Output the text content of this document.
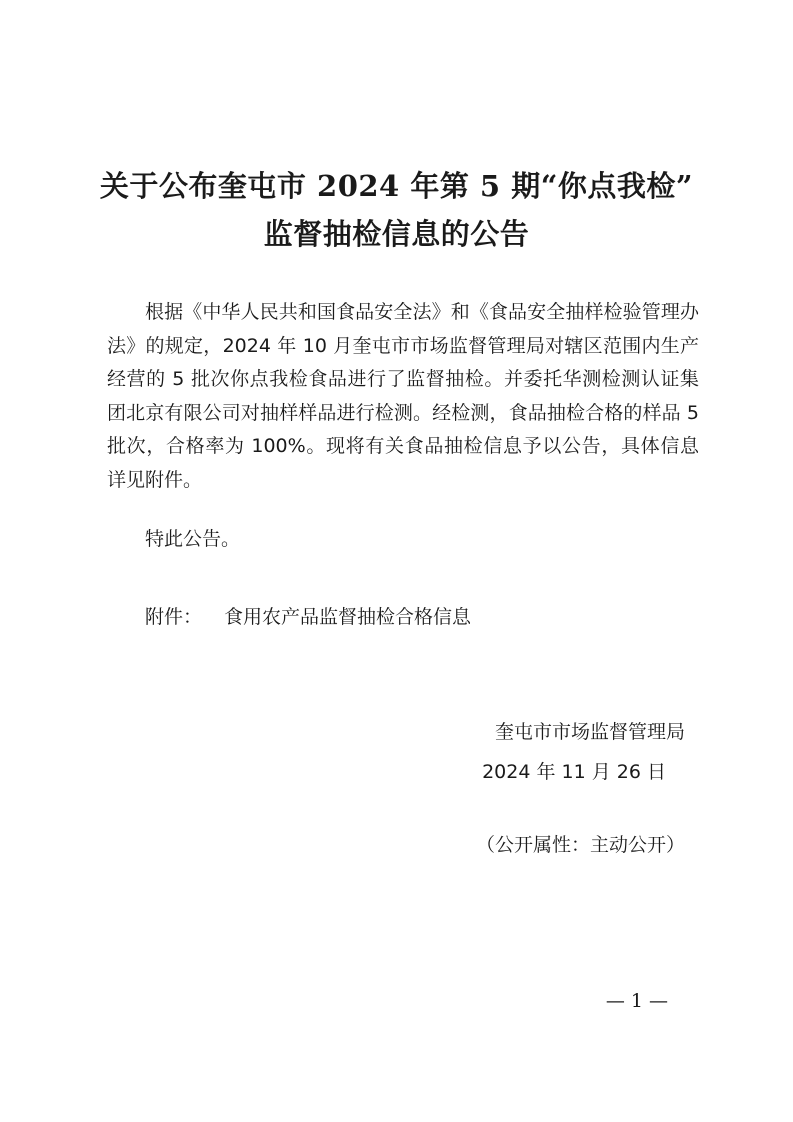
关于公布奎屯市 2024 年第 5 期“你点我检”
监督抽检信息的公告

根据《中华人民共和国食品安全法》和《食品安全抽样检验管理办法》的规定，2024 年 10 月奎屯市市场监督管理局对辖区范围内生产经营的 5 批次你点我检食品进行了监督抽检。并委托华测检测认证集团北京有限公司对抽样样品进行检测。经检测，食品抽检合格的样品 5 批次，合格率为 100%。现将有关食品抽检信息予以公告，具体信息详见附件。

特此公告。
附件： 食用农产品监督抽检合格信息
奎屯市市场监督管理局
2024 年 11 月 26 日
（公开属性：主动公开）
— 1 —
